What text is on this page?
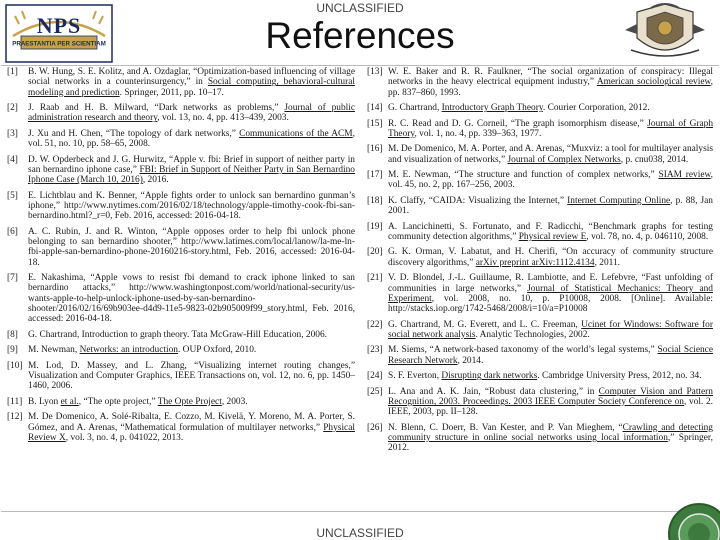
UNCLASSIFIED
PRAESTANTIA PER SCIENTIAM
NPS	References
[1]	B. W. Hung, S. E. Kolitz, and A. Ozdaglar, “Optimization-based influencing of village social networks in a counterinsurgency,” in Social computing, behavioral-cultural modeling and prediction. Springer, 2011, pp. 10–17.
[2]	J. Raab and H. B. Milward, “Dark networks as problems,” Journal of public administration research and theory, vol. 13, no. 4, pp. 413–439, 2003.
[3]	J. Xu and H. Chen, “The topology of dark networks,” Communications of the ACM, vol. 51, no. 10, pp. 58–65, 2008.
[4]	D. W. Opderbeck and J. G. Hurwitz, “Apple v. fbi: Brief in support of neither party in san bernardino iphone case,” FBI: Brief in Support of Neither Party in San Bernardino Iphone Case (March 10, 2016), 2016.
[5]	E. Lichtblau and K. Benner, “Apple fights order to unlock san bernardino gunman’s iphone,” http://www.nytimes.com/2016/02/18/technology/apple-timothy-cook-fbi-san-bernardino.html?_r=0, Feb. 2016, accessed: 2016-04-18.
[6]	A. C. Rubin, J. and R. Winton, “Apple opposes order to help fbi unlock phone belonging to san bernardino shooter,” http://www.latimes.com/local/lanow/la-me-ln-fbi-apple-san-bernardino-phone-20160216-story.html, Feb. 2016, accessed: 2016-04-18.
[7]	E. Nakashima, “Apple vows to resist fbi demand to crack iphone linked to san bernardino attacks,” http://www.washingtonpost.com/world/national-security/us-wants-apple-to-help-unlock-iphone-used-by-san-bernardino-shooter/2016/02/16/69b903ee-d4d9-11e5-9823-02b905009f99_story.html, Feb. 2016, accessed: 2016-04-18.
[8]	G. Chartrand, Introduction to graph theory. Tata McGraw-Hill Education, 2006.
[9]	M. Newman, Networks: an introduction. OUP Oxford, 2010.
[10] M. Lod, D. Massey, and L. Zhang, “Visualizing internet routing changes,” Visualization and Computer Graphics, IEEE Transactions on, vol. 12, no. 6, pp. 1450–1460, 2006.
[11] B. Lyon et al., “The opte project,” The Opte Project, 2003.
[12] M. De Domenico, A. Solé-Ribalta, E. Cozzo, M. Kivelä, Y. Moreno, M. A. Porter, S. Gómez, and A. Arenas, “Mathematical formulation of multilayer networks,” Physical Review X, vol. 3, no. 4, p. 041022, 2013.
[13] W. E. Baker and R. R. Faulkner, “The social organization of conspiracy: Illegal networks in the heavy electrical equipment industry,” American sociological review, pp. 837–860, 1993.
[14] G. Chartrand, Introductory Graph Theory. Courier Corporation, 2012.
[15] R. C. Read and D. G. Corneil, “The graph isomorphism disease,” Journal of Graph Theory, vol. 1, no. 4, pp. 339–363, 1977.
[16] M. De Domenico, M. A. Porter, and A. Arenas, “Muxviz: a tool for multilayer analysis and visualization of networks,” Journal of Complex Networks, p. cnu038, 2014.
[17] M. E. Newman, “The structure and function of complex networks,” SIAM review, vol. 45, no. 2, pp. 167–256, 2003.
[18] K. Claffy, “CAIDA: Visualizing the Internet,” Internet Computing Online, p. 88, Jan 2001.
[19] A. Lancichinetti, S. Fortunato, and F. Radicchi, “Benchmark graphs for testing community detection algorithms,” Physical review E, vol. 78, no. 4, p. 046110, 2008.
[20] G. K. Orman, V. Labatut, and H. Cherifi, “On accuracy of community structure discovery algorithms,” arXiv preprint arXiv:1112.4134, 2011.
[21] V. D. Blondel, J.-L. Guillaume, R. Lambiotte, and E. Lefebvre, “Fast unfolding of communities in large networks,” Journal of Statistical Mechanics: Theory and Experiment, vol. 2008, no. 10, p. P10008, 2008. [Online]. Available: http://stacks.iop.org/1742-5468/2008/i=10/a=P10008
[22] G. Chartrand, M. G. Everett, and L. C. Freeman, Ucinet for Windows: Software for social network analysis. Analytic Technologies, 2002.
[23] M. Siems, “A network-based taxonomy of the world’s legal systems,” Social Science Research Network, 2014.
[24] S. F. Everton, Disrupting dark networks. Cambridge University Press, 2012, no. 34.
[25] L. Ana and A. K. Jain, “Robust data clustering,” in Computer Vision and Pattern Recognition, 2003. Proceedings. 2003 IEEE Computer Society Conference on, vol. 2. IEEE, 2003, pp. II–128.
[26] N. Blenn, C. Doerr, B. Van Kester, and P. Van Mieghem, “Crawling and detecting community structure in online social networks using local information,” Springer, 2012.
UNCLASSIFIED
